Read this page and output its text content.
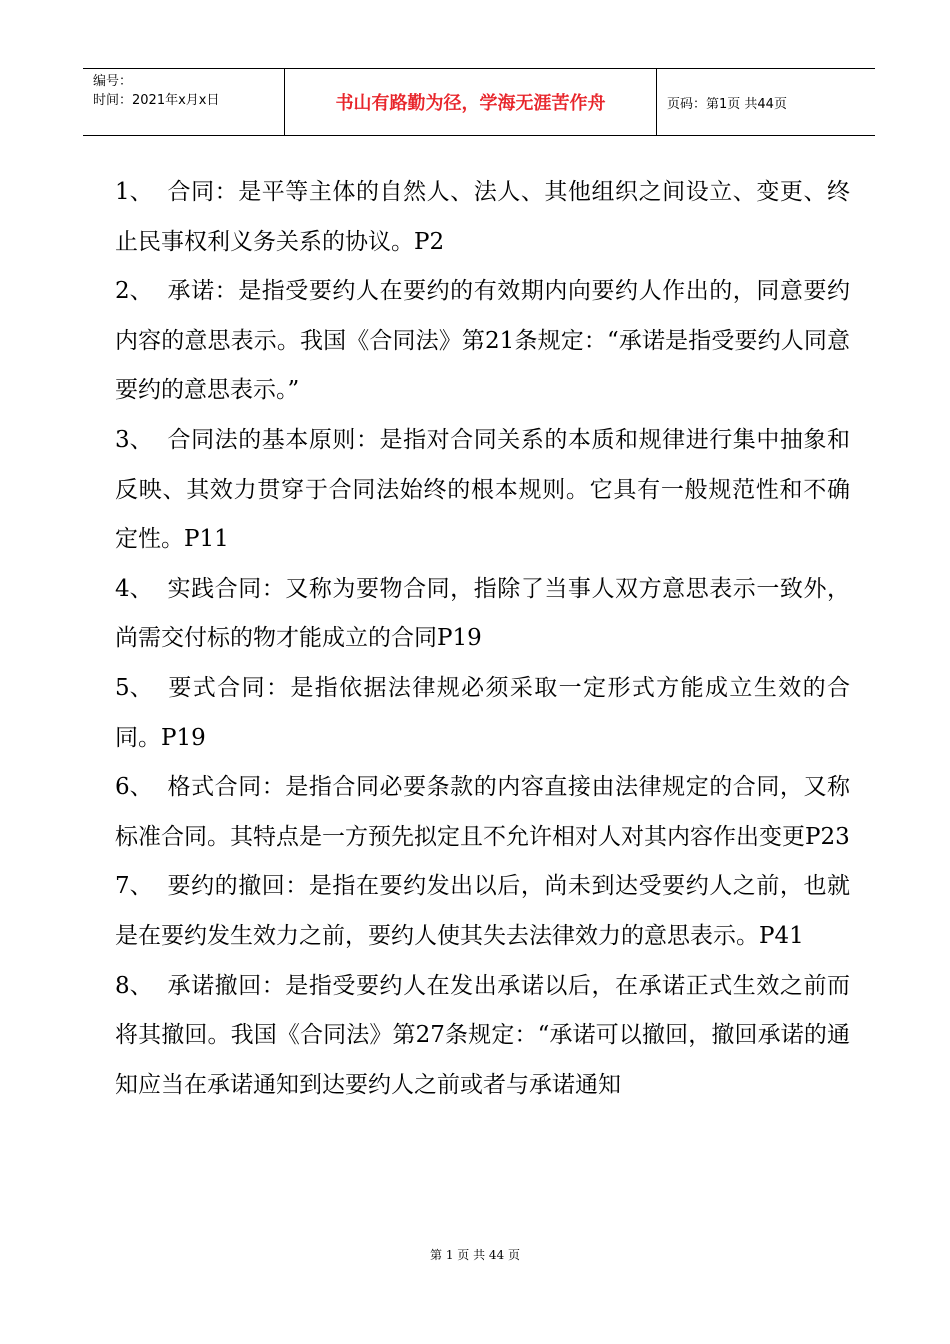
编号：
时间：2021年x月x日	书山有路勤为径，学海无涯苦作舟	页码：第1页 共44页

1、 合同：是平等主体的自然人、法人、其他组织之间设立、变更、终止民事权利义务关系的协议。P2

2、 承诺：是指受要约人在要约的有效期内向要约人作出的，同意要约内容的意思表示。我国《合同法》第21条规定：“承诺是指受要约人同意要约的意思表示。”

3、 合同法的基本原则：是指对合同关系的本质和规律进行集中抽象和反映、其效力贯穿于合同法始终的根本规则。它具有一般规范性和不确定性。P11

4、 实践合同：又称为要物合同，指除了当事人双方意思表示一致外，尚需交付标的物才能成立的合同P19

5、 要式合同：是指依据法律规必须采取一定形式方能成立生效的合同。P19

6、 格式合同：是指合同必要条款的内容直接由法律规定的合同，又称标准合同。其特点是一方预先拟定且不允许相对人对其内容作出变更P23

7、 要约的撤回：是指在要约发出以后，尚未到达受要约人之前，也就是在要约发生效力之前，要约人使其失去法律效力的意思表示。P41

8、 承诺撤回：是指受要约人在发出承诺以后，在承诺正式生效之前而将其撤回。我国《合同法》第27条规定：“承诺可以撤回，撤回承诺的通知应当在承诺通知到达要约人之前或者与承诺通知

第 1 页 共 44 页
